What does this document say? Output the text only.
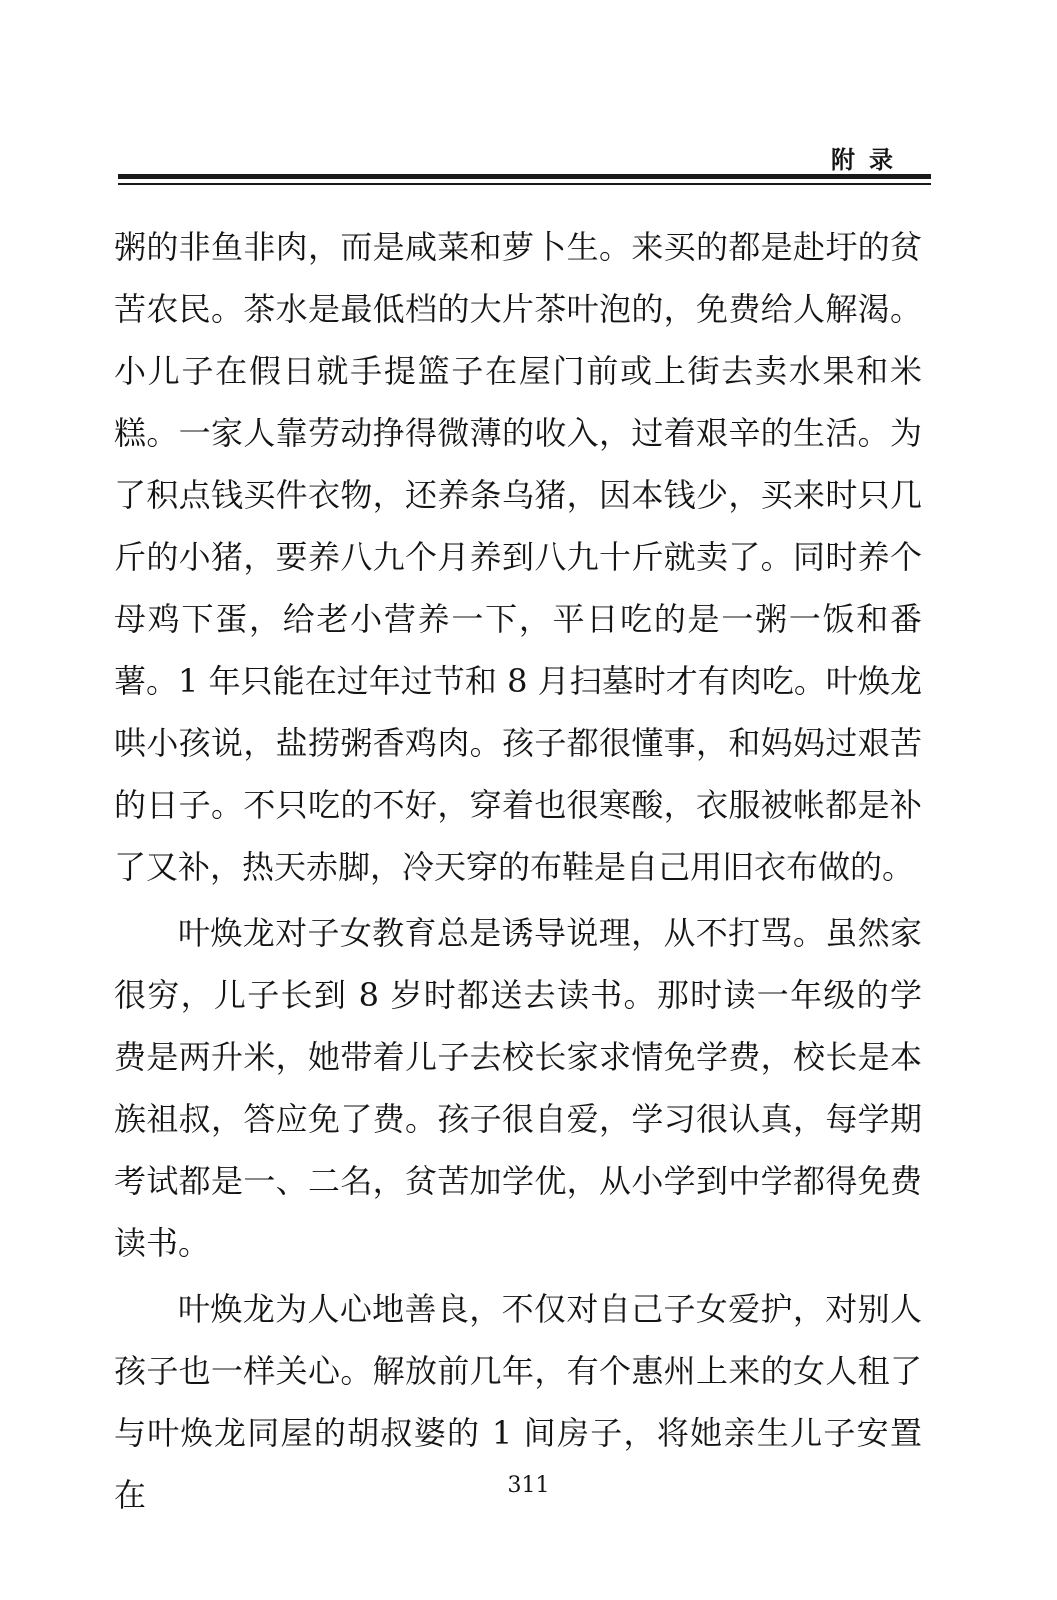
附录

粥的非鱼非肉，而是咸菜和萝卜生。来买的都是赴圩的贫苦农民。茶水是最低档的大片茶叶泡的，免费给人解渴。小儿子在假日就手提篮子在屋门前或上街去卖水果和米糕。一家人靠劳动挣得微薄的收入，过着艰辛的生活。为了积点钱买件衣物，还养条乌猪，因本钱少，买来时只几斤的小猪，要养八九个月养到八九十斤就卖了。同时养个母鸡下蛋，给老小营养一下，平日吃的是一粥一饭和番薯。1 年只能在过年过节和 8 月扫墓时才有肉吃。叶焕龙哄小孩说，盐捞粥香鸡肉。孩子都很懂事，和妈妈过艰苦的日子。不只吃的不好，穿着也很寒酸，衣服被帐都是补了又补，热天赤脚，冷天穿的布鞋是自己用旧衣布做的。

叶焕龙对子女教育总是诱导说理，从不打骂。虽然家很穷，儿子长到 8 岁时都送去读书。那时读一年级的学费是两升米，她带着儿子去校长家求情免学费，校长是本族祖叔，答应免了费。孩子很自爱，学习很认真，每学期考试都是一、二名，贫苦加学优，从小学到中学都得免费读书。

叶焕龙为人心地善良，不仅对自己子女爱护，对别人孩子也一样关心。解放前几年，有个惠州上来的女人租了与叶焕龙同屋的胡叔婆的 1 间房子，将她亲生儿子安置在	311
